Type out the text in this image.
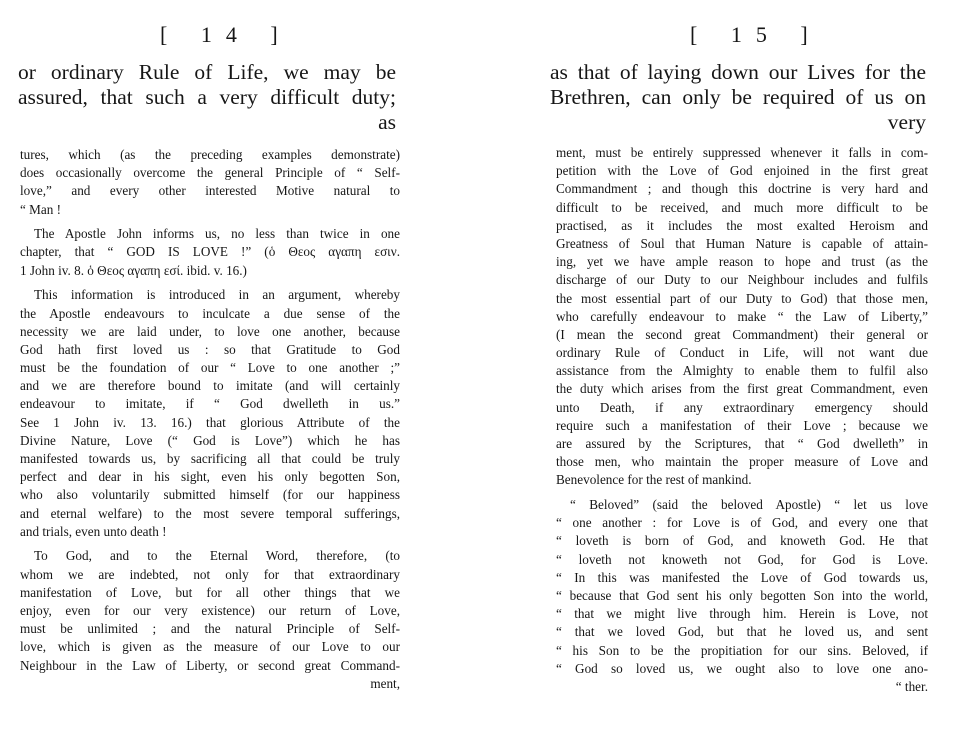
[ 14 ]
or ordinary Rule of Life, we may be
assured, that such a very difficult duty;
as
tures, which (as the preceding examples demonstrate)
does occasionally overcome the general Principle of “ Self-
love,” and every other interested Motive natural to
“ Man !
The Apostle John informs us, no less than twice in one
chapter, that “ GOD IS LOVE !” (ὁ Θεος αγαπη εσιν.
1 John iv. 8. ὁ Θεος αγαπη εσί. ibid. v. 16.)
This information is introduced in an argument, whereby
the Apostle endeavours to inculcate a due sense of the
necessity we are laid under, to love one another, because
God hath first loved us : so that Gratitude to God
must be the foundation of our “ Love to one another ;”
and we are therefore bound to imitate (and will certainly
endeavour to imitate, if “ God dwelleth in us.”
See 1 John iv. 13. 16.) that glorious Attribute of the
Divine Nature, Love (“ God is Love”) which he has
manifested towards us, by sacrificing all that could be truly
perfect and dear in his sight, even his only begotten Son,
who also voluntarily submitted himself (for our happiness
and eternal welfare) to the most severe temporal sufferings,
and trials, even unto death !
To God, and to the Eternal Word, therefore, (to
whom we are indebted, not only for that extraordinary
manifestation of Love, but for all other things that we
enjoy, even for our very existence) our return of Love,
must be unlimited ; and the natural Principle of Self-
love, which is given as the measure of our Love to our
Neighbour in the Law of Liberty, or second great Command-
ment,
[ 15 ]
as that of laying down our Lives for the
Brethren, can only be required of us on
very
ment, must be entirely suppressed whenever it falls in com-
petition with the Love of God enjoined in the first great
Commandment ; and though this doctrine is very hard and
difficult to be received, and much more difficult to be
practised, as it includes the most exalted Heroism and
Greatness of Soul that Human Nature is capable of attain-
ing, yet we have ample reason to hope and trust (as the
discharge of our Duty to our Neighbour includes and fulfils
the most essential part of our Duty to God) that those men,
who carefully endeavour to make “ the Law of Liberty,”
(I mean the second great Commandment) their general or
ordinary Rule of Conduct in Life, will not want due
assistance from the Almighty to enable them to fulfil also
the duty which arises from the first great Commandment, even
unto Death, if any extraordinary emergency should
require such a manifestation of their Love ; because we
are assured by the Scriptures, that “ God dwelleth” in
those men, who maintain the proper measure of Love and
Benevolence for the rest of mankind.
“ Beloved” (said the beloved Apostle) “ let us love
“ one another : for Love is of God, and every one that
“ loveth is born of God, and knoweth God. He that
“ loveth not knoweth not God, for God is Love.
“ In this was manifested the Love of God towards us,
“ because that God sent his only begotten Son into the world,
“ that we might live through him. Herein is Love, not
“ that we loved God, but that he loved us, and sent
“ his Son to be the propitiation for our sins. Beloved, if
“ God so loved us, we ought also to love one ano-
“ ther.
